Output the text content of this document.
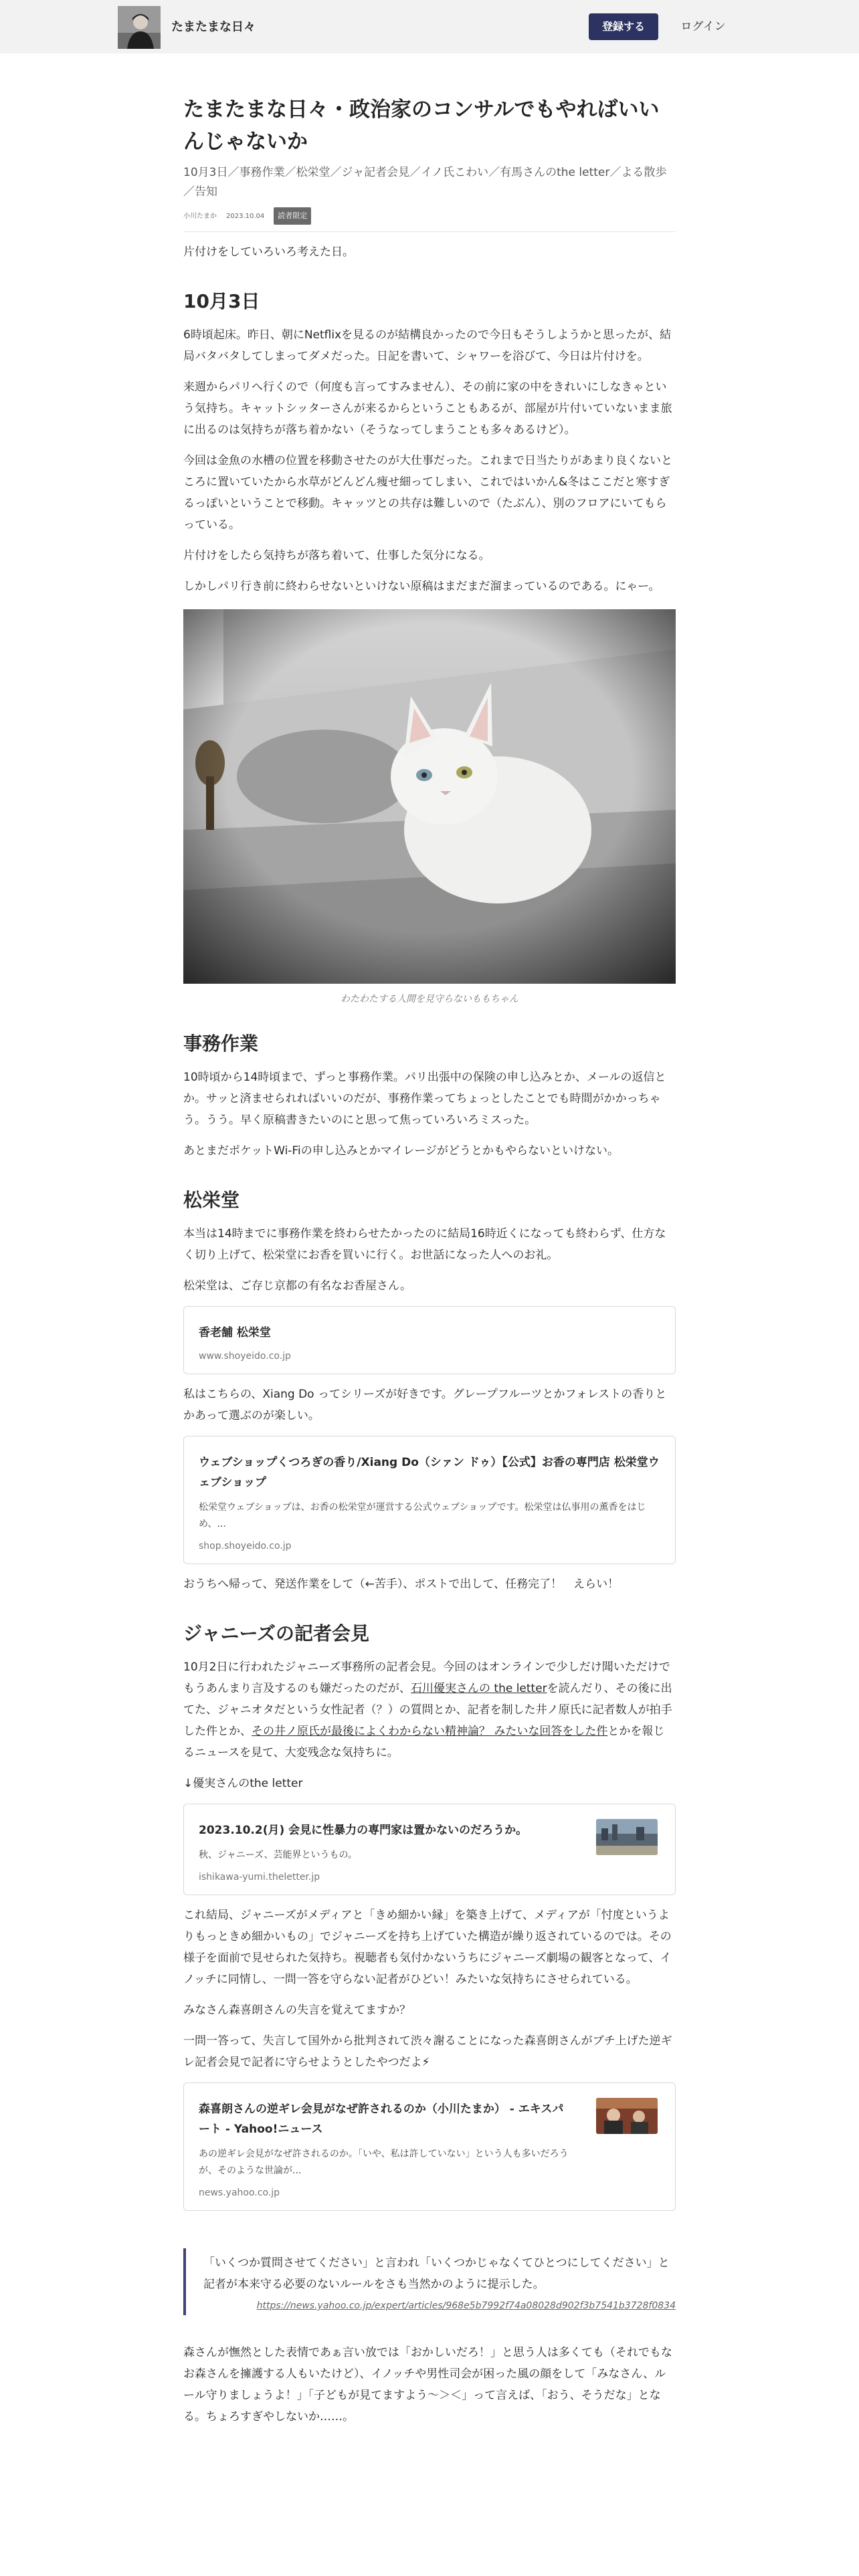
たまたまな日々	登録する	ログイン
たまたまな日々・政治家のコンサルでもやればいいんじゃないか
10月3日／事務作業／松栄堂／ジャ記者会見／イノ氏こわい／有馬さんのthe letter／よる散歩／告知
小川たまか 2023.10.04 読者限定

片付けをしていろいろ考えた日。

10月3日

6時頃起床。昨日、朝にNetflixを見るのが結構良かったので今日もそうしようかと思ったが、結局バタバタしてしまってダメだった。日記を書いて、シャワーを浴びて、今日は片付けを。

来週からパリへ行くので（何度も言ってすみません）、その前に家の中をきれいにしなきゃという気持ち。キャットシッターさんが来るからということもあるが、部屋が片付いていないまま旅に出るのは気持ちが落ち着かない（そうなってしまうことも多々あるけど）。

今回は金魚の水槽の位置を移動させたのが大仕事だった。これまで日当たりがあまり良くないところに置いていたから水草がどんどん痩せ細ってしまい、これではいかん&冬はここだと寒すぎるっぽいということで移動。キャッツとの共存は難しいので（たぶん）、別のフロアにいてもらっている。

片付けをしたら気持ちが落ち着いて、仕事した気分になる。

しかしパリ行き前に終わらせないといけない原稿はまだまだ溜まっているのである。にゃー。

わたわたする人間を見守らないももちゃん
事務作業

10時頃から14時頃まで、ずっと事務作業。パリ出張中の保険の申し込みとか、メールの返信とか。サッと済ませられればいいのだが、事務作業ってちょっとしたことでも時間がかかっちゃう。うう。早く原稿書きたいのにと思って焦っていろいろミスった。

あとまだポケットWi-Fiの申し込みとかマイレージがどうとかもやらないといけない。

松栄堂

本当は14時までに事務作業を終わらせたかったのに結局16時近くになっても終わらず、仕方なく切り上げて、松栄堂にお香を買いに行く。お世話になった人へのお礼。

松栄堂は、ご存じ京都の有名なお香屋さん。

香老舗 松栄堂
www.shoyeido.co.jp

私はこちらの、Xiang Do ってシリーズが好きです。グレープフルーツとかフォレストの香りとかあって選ぶのが楽しい。

ウェブショップくつろぎの香り/Xiang Do（シァン ドゥ）【公式】お香の専門店 松栄堂ウェブショップ
松栄堂ウェブショップは、お香の松栄堂が運営する公式ウェブショップです。松栄堂は仏事用の薫香をはじめ、...
shop.shoyeido.co.jp

おうちへ帰って、発送作業をして（←苦手）、ポストで出して、任務完了！　えらい！

ジャニーズの記者会見

10月2日に行われたジャニーズ事務所の記者会見。今回のはオンラインで少しだけ聞いただけでもうあんまり言及するのも嫌だったのだが、石川優実さんの the letterを読んだり、その後に出てた、ジャニオタだという女性記者（？）の質問とか、記者を制した井ノ原氏に記者数人が拍手した件とか、その井ノ原氏が最後によくわからない精神論？ みたいな回答をした件とかを報じるニュースを見て、大変残念な気持ちに。

↓優実さんのthe letter

2023.10.2(月) 会見に性暴力の専門家は置かないのだろうか。
秋、ジャニーズ、芸能界というもの。
ishikawa-yumi.theletter.jp

これ結局、ジャニーズがメディアと「きめ細かい縁」を築き上げて、メディアが「忖度というよりもっときめ細かいもの」でジャニーズを持ち上げていた構造が繰り返されているのでは。その様子を面前で見せられた気持ち。視聴者も気付かないうちにジャニーズ劇場の観客となって、イノッチに同情し、一問一答を守らない記者がひどい！みたいな気持ちにさせられている。

みなさん森喜朗さんの失言を覚えてますか？

一問一答って、失言して国外から批判されて渋々謝ることになった森喜朗さんがブチ上げた逆ギレ記者会見で記者に守らせようとしたやつだよ⚡

森喜朗さんの逆ギレ会見がなぜ許されるのか（小川たまか） - エキスパート - Yahoo!ニュース
あの逆ギレ会見がなぜ許されるのか。「いや、私は許していない」という人も多いだろうが、そのような世論が...
news.yahoo.co.jp

「いくつか質問させてください」と言われ「いくつかじゃなくてひとつにしてください」と記者が本来守る必要のないルールをさも当然かのように提示した。

https://news.yahoo.co.jp/expert/articles/968e5b7992f74a08028d902f3b7541b3728f0834

森さんが憮然とした表情であぁ言い放では「おかしいだろ！」と思う人は多くても（それでもなお森さんを擁護する人もいたけど）、イノッチや男性司会が困った風の顔をして「みなさん、ルール守りましょうよ！」「子どもが見てますよう〜＞＜」って言えば、「おう、そうだな」となる。ちょろすぎやしないか……。
